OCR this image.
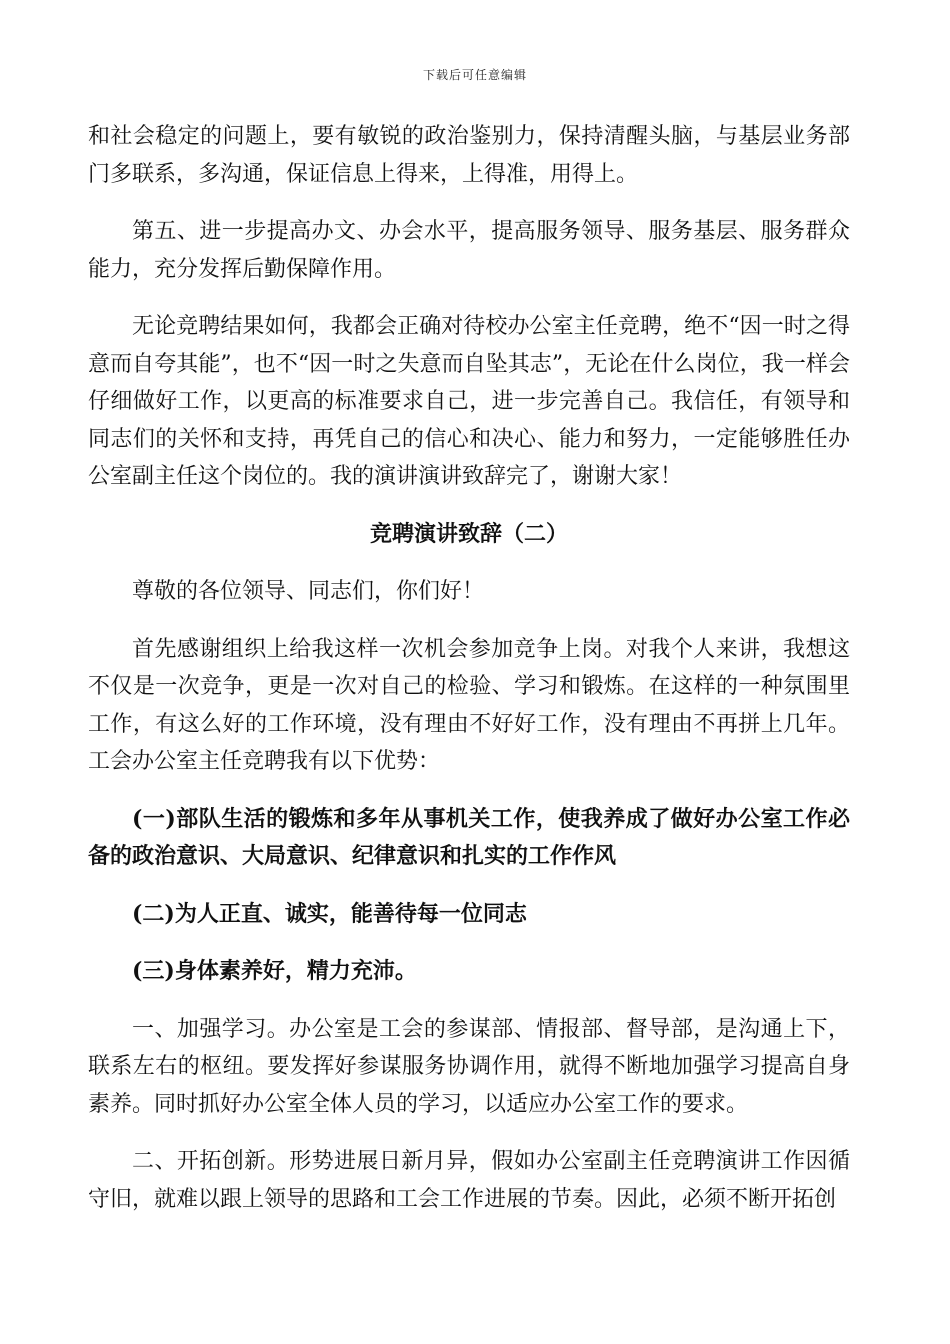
下载后可任意编辑

和社会稳定的问题上，要有敏锐的政治鉴别力，保持清醒头脑，与基层业务部门多联系，多沟通，保证信息上得来，上得准，用得上。

第五、进一步提高办文、办会水平，提高服务领导、服务基层、服务群众能力，充分发挥后勤保障作用。

无论竞聘结果如何，我都会正确对待校办公室主任竞聘，绝不“因一时之得意而自夸其能”，也不“因一时之失意而自坠其志”，无论在什么岗位，我一样会仔细做好工作，以更高的标准要求自己，进一步完善自己。我信任，有领导和同志们的关怀和支持，再凭自己的信心和决心、能力和努力，一定能够胜任办公室副主任这个岗位的。我的演讲演讲致辞完了，谢谢大家！

竞聘演讲致辞（二）

尊敬的各位领导、同志们，你们好！

首先感谢组织上给我这样一次机会参加竞争上岗。对我个人来讲，我想这不仅是一次竞争，更是一次对自己的检验、学习和锻炼。在这样的一种氛围里工作，有这么好的工作环境，没有理由不好好工作，没有理由不再拼上几年。工会办公室主任竞聘我有以下优势：

(一)部队生活的锻炼和多年从事机关工作，使我养成了做好办公室工作必备的政治意识、大局意识、纪律意识和扎实的工作作风

(二)为人正直、诚实，能善待每一位同志

(三)身体素养好，精力充沛。

一、加强学习。办公室是工会的参谋部、情报部、督导部，是沟通上下，联系左右的枢纽。要发挥好参谋服务协调作用，就得不断地加强学习提高自身素养。同时抓好办公室全体人员的学习，以适应办公室工作的要求。

二、开拓创新。形势进展日新月异，假如办公室副主任竞聘演讲工作因循守旧，就难以跟上领导的思路和工会工作进展的节奏。因此，必须不断开拓创
